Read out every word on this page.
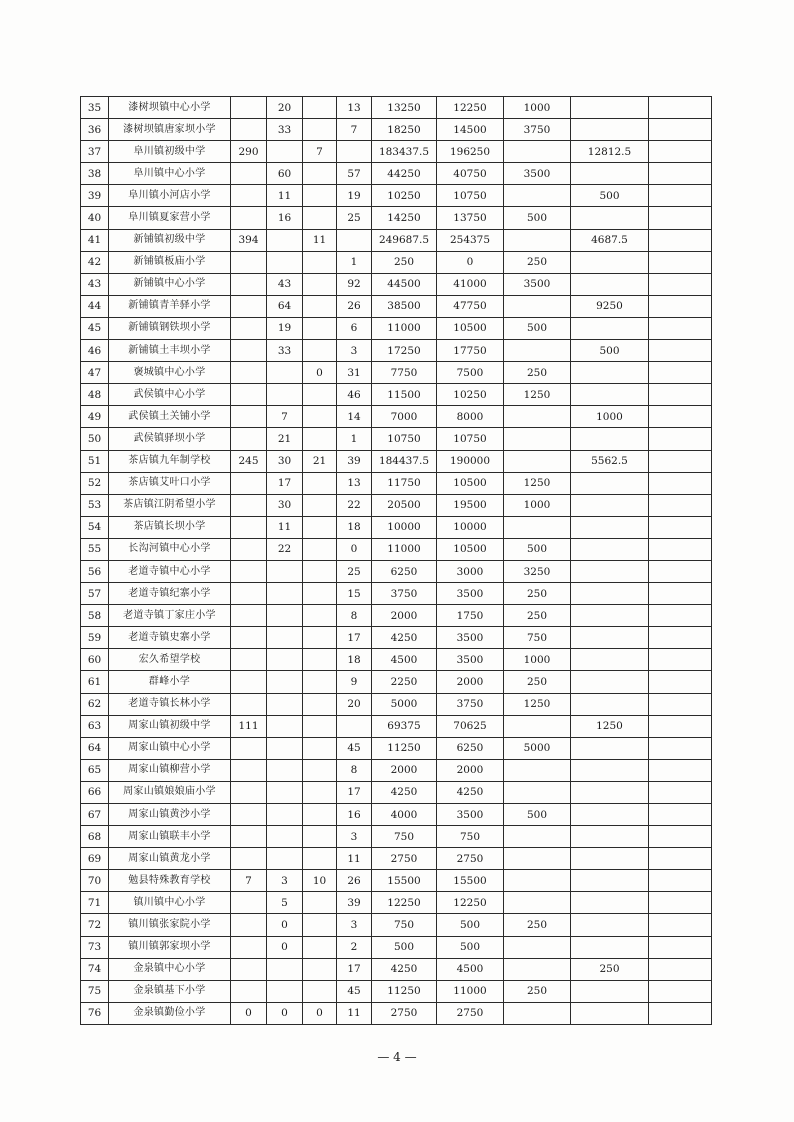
35	漆树坝镇中心小学		20		13	13250	12250	1000		
36	漆树坝镇唐家坝小学		33		7	18250	14500	3750		
37	阜川镇初级中学	290		7		183437.5	196250		12812.5	
38	阜川镇中心小学		60		57	44250	40750	3500		
39	阜川镇小河店小学		11		19	10250	10750		500	
40	阜川镇夏家营小学		16		25	14250	13750	500		
41	新铺镇初级中学	394		11		249687.5	254375		4687.5	
42	新铺镇板庙小学				1	250	0	250		
43	新铺镇中心小学		43		92	44500	41000	3500		
44	新铺镇青羊驿小学		64		26	38500	47750		9250	
45	新铺镇钢铁坝小学		19		6	11000	10500	500		
46	新铺镇土丰坝小学		33		3	17250	17750		500	
47	褒城镇中心小学			0	31	7750	7500	250		
48	武侯镇中心小学				46	11500	10250	1250		
49	武侯镇土关铺小学		7		14	7000	8000		1000	
50	武侯镇驿坝小学		21		1	10750	10750			
51	茶店镇九年制学校	245	30	21	39	184437.5	190000		5562.5	
52	茶店镇艾叶口小学		17		13	11750	10500	1250		
53	茶店镇江阴希望小学		30		22	20500	19500	1000		
54	茶店镇长坝小学		11		18	10000	10000			
55	长沟河镇中心小学		22		0	11000	10500	500		
56	老道寺镇中心小学				25	6250	3000	3250		
57	老道寺镇纪寨小学				15	3750	3500	250		
58	老道寺镇丁家庄小学				8	2000	1750	250		
59	老道寺镇史寨小学				17	4250	3500	750		
60	宏久希望学校				18	4500	3500	1000		
61	群峰小学				9	2250	2000	250		
62	老道寺镇长林小学				20	5000	3750	1250		
63	周家山镇初级中学	111				69375	70625		1250	
64	周家山镇中心小学				45	11250	6250	5000		
65	周家山镇柳营小学				8	2000	2000			
66	周家山镇娘娘庙小学				17	4250	4250			
67	周家山镇黄沙小学				16	4000	3500	500		
68	周家山镇联丰小学				3	750	750			
69	周家山镇黄龙小学				11	2750	2750			
70	勉县特殊教育学校	7	3	10	26	15500	15500			
71	镇川镇中心小学		5		39	12250	12250			
72	镇川镇张家院小学		0		3	750	500	250		
73	镇川镇郭家坝小学		0		2	500	500			
74	金泉镇中心小学				17	4250	4500		250	
75	金泉镇基下小学				45	11250	11000	250		
76	金泉镇勤俭小学	0	0	0	11	2750	2750			
— 4 —
